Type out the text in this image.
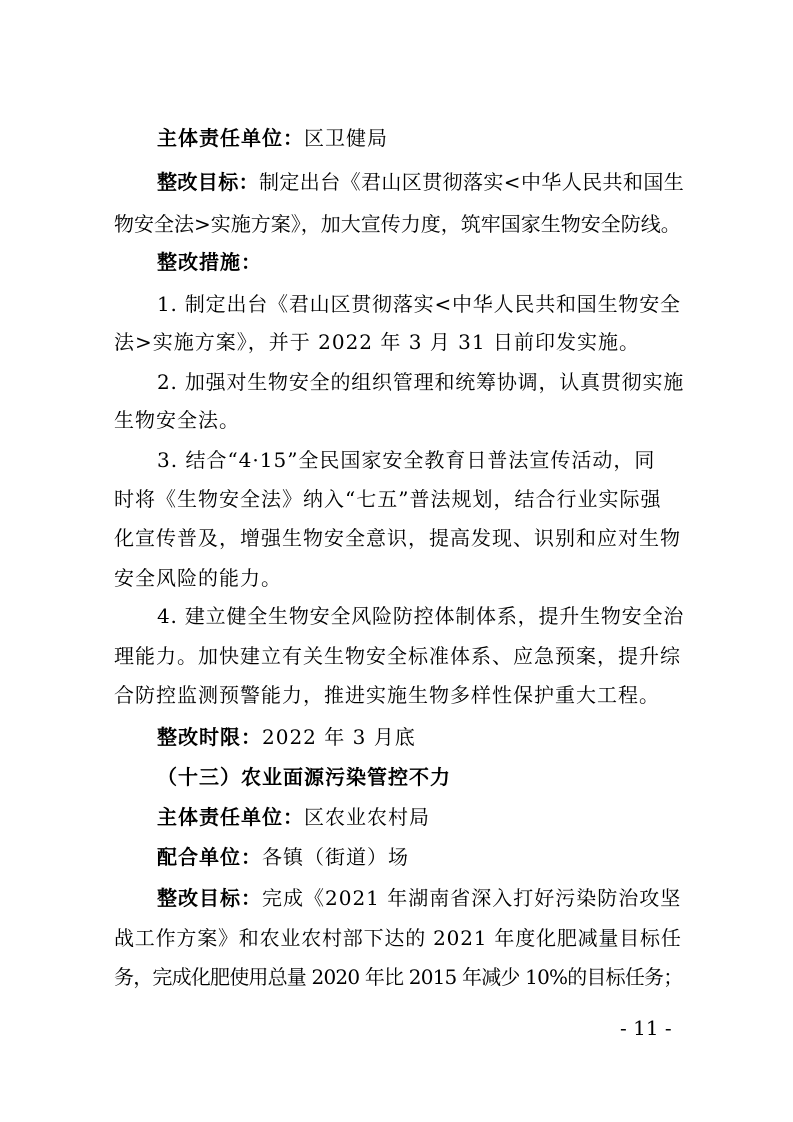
主体责任单位：区卫健局
整改目标：制定出台《君山区贯彻落实<中华人民共和国生
物安全法>实施方案》，加大宣传力度，筑牢国家生物安全防线。
整改措施：
1. 制定出台《君山区贯彻落实<中华人民共和国生物安全
法>实施方案》，并于 2022 年 3 月 31 日前印发实施。
2. 加强对生物安全的组织管理和统筹协调，认真贯彻实施
生物安全法。
3. 结合“4·15”全民国家安全教育日普法宣传活动，同
时将《生物安全法》纳入“七五”普法规划，结合行业实际强
化宣传普及，增强生物安全意识，提高发现、识别和应对生物
安全风险的能力。
4. 建立健全生物安全风险防控体制体系，提升生物安全治
理能力。加快建立有关生物安全标准体系、应急预案，提升综
合防控监测预警能力，推进实施生物多样性保护重大工程。
整改时限：2022 年 3 月底
（十三）农业面源污染管控不力
主体责任单位：区农业农村局
配合单位：各镇（街道）场
整改目标：完成《2021 年湖南省深入打好污染防治攻坚
战工作方案》和农业农村部下达的 2021 年度化肥减量目标任
务，完成化肥使用总量 2020 年比 2015 年减少 10%的目标任务；
- 11 -
